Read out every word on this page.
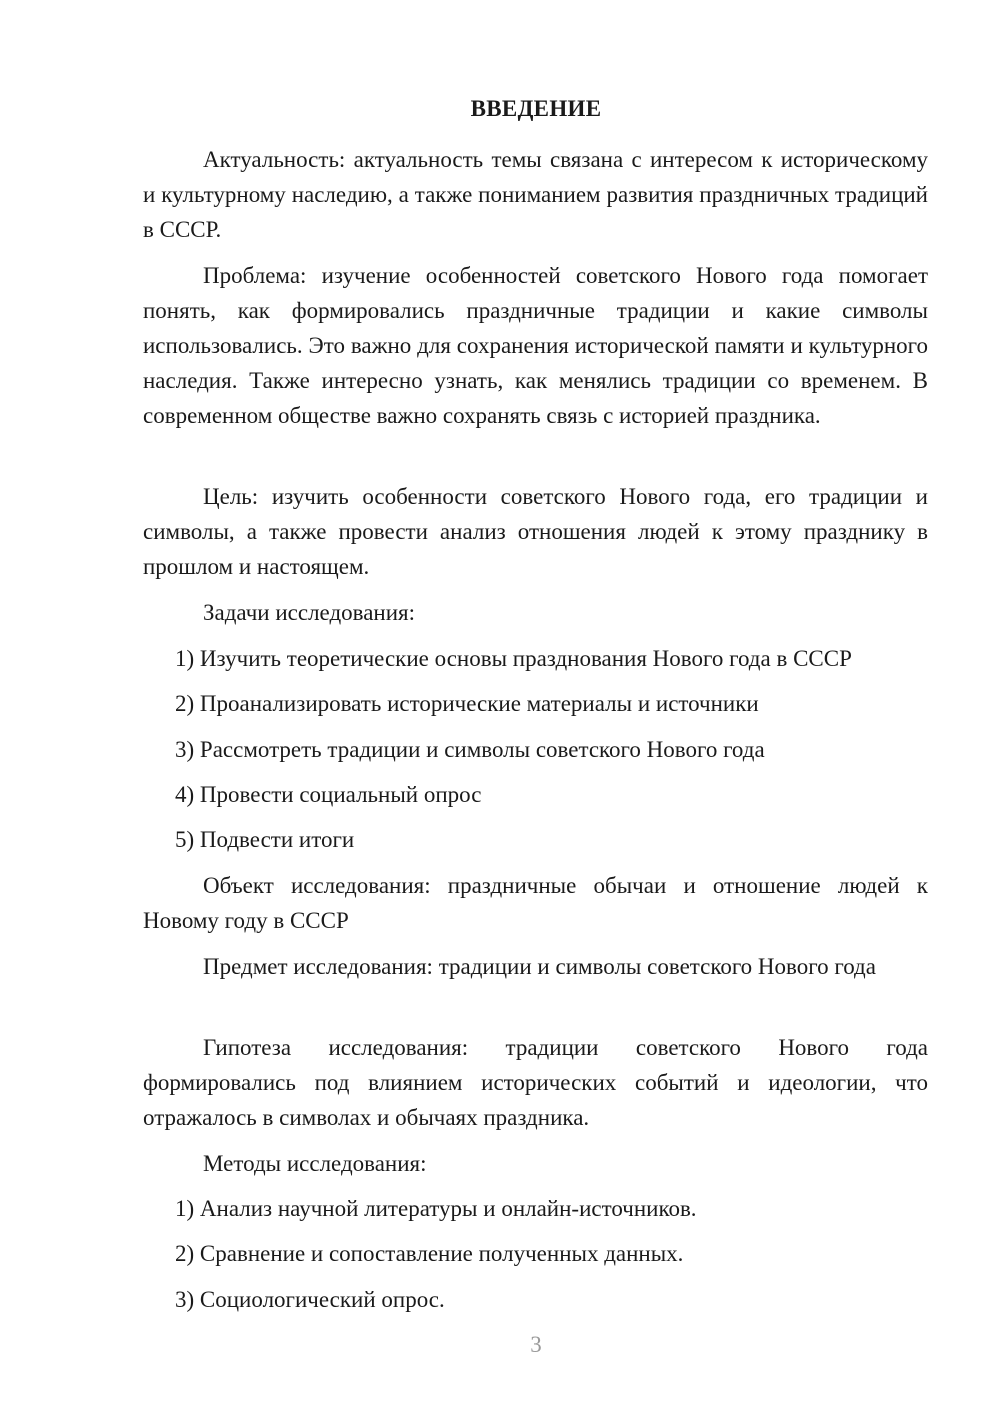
ВВЕДЕНИЕ

Актуальность: актуальность темы связана с интересом к историческому и культурному наследию, а также пониманием развития праздничных традиций в СССР.

Проблема: изучение особенностей советского Нового года помогает понять, как формировались праздничные традиции и какие символы использовались. Это важно для сохранения исторической памяти и культурного наследия. Также интересно узнать, как менялись традиции со временем. В современном обществе важно сохранять связь с историей праздника.

Цель: изучить особенности советского Нового года, его традиции и символы, а также провести анализ отношения людей к этому празднику в прошлом и настоящем.

Задачи исследования:

1) Изучить теоретические основы празднования Нового года в СССР

2) Проанализировать исторические материалы и источники

3) Рассмотреть традиции и символы советского Нового года

4) Провести социальный опрос

5) Подвести итоги

Объект исследования: праздничные обычаи и отношение людей к Новому году в СССР

Предмет исследования: традиции и символы советского Нового года

Гипотеза исследования: традиции советского Нового года формировались под влиянием исторических событий и идеологии, что отражалось в символах и обычаях праздника.

Методы исследования:

1) Анализ научной литературы и онлайн-источников.

2) Сравнение и сопоставление полученных данных.

3) Социологический опрос.

3
